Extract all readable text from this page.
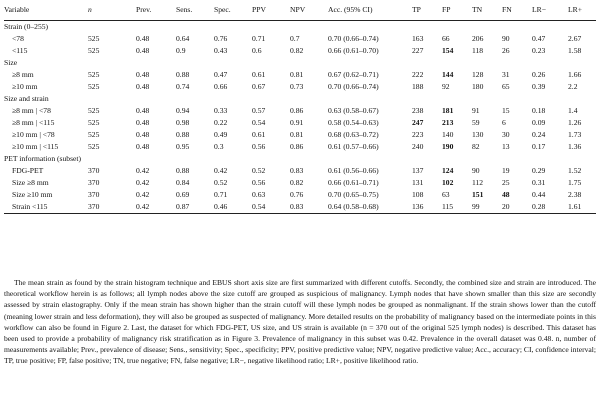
Variable	n	Prev.	Sens.	Spec.	PPV	NPV	Acc. (95% CI)	TP	FP	TN	FN	LR−	LR+
Strain (0–255)													
<78	525	0.48	0.64	0.76	0.71	0.7	0.70 (0.66–0.74)	163	66	206	90	0.47	2.67
<115	525	0.48	0.9	0.43	0.6	0.82	0.66 (0.61–0.70)	227	154	118	26	0.23	1.58
Size													
≥8 mm	525	0.48	0.88	0.47	0.61	0.81	0.67 (0.62–0.71)	222	144	128	31	0.26	1.66
≥10 mm	525	0.48	0.74	0.66	0.67	0.73	0.70 (0.66–0.74)	188	92	180	65	0.39	2.2
Size and strain													
≥8 mm | <78	525	0.48	0.94	0.33	0.57	0.86	0.63 (0.58–0.67)	238	181	91	15	0.18	1.4
≥8 mm | <115	525	0.48	0.98	0.22	0.54	0.91	0.58 (0.54–0.63)	247	213	59	6	0.09	1.26
≥10 mm | <78	525	0.48	0.88	0.49	0.61	0.81	0.68 (0.63–0.72)	223	140	130	30	0.24	1.73
≥10 mm | <115	525	0.48	0.95	0.3	0.56	0.86	0.61 (0.57–0.66)	240	190	82	13	0.17	1.36
PET information (subset)													
FDG-PET	370	0.42	0.88	0.42	0.52	0.83	0.61 (0.56–0.66)	137	124	90	19	0.29	1.52
Size ≥8 mm	370	0.42	0.84	0.52	0.56	0.82	0.66 (0.61–0.71)	131	102	112	25	0.31	1.75
Size ≥10 mm	370	0.42	0.69	0.71	0.63	0.76	0.70 (0.65–0.75)	108	63	151	48	0.44	2.38
Strain <115	370	0.42	0.87	0.46	0.54	0.83	0.64 (0.58–0.68)	136	115	99	20	0.28	1.61
The mean strain as found by the strain histogram technique and EBUS short axis size are first summarized with different cutoffs. Secondly, the combined size and strain are introduced. The theoretical workflow herein is as follows; all lymph nodes above the size cutoff are grouped as suspicious of malignancy. Lymph nodes that have shown smaller than this size are secondly assessed by strain elastography. Only if the mean strain has shown higher than the strain cutoff will these lymph nodes be grouped as nonmalignant. If the strain shows lower than the cutoff (meaning lower strain and less deformation), they will also be grouped as suspected of malignancy. More detailed results on the probability of malignancy based on the intermediate points in this workflow can also be found in Figure 2. Last, the dataset for which FDG-PET, US size, and US strain is available (n = 370 out of the original 525 lymph nodes) is described. This dataset has been used to provide a probability of malignancy risk stratification as in Figure 3. Prevalence of malignancy in this subset was 0.42. Prevalence in the overall dataset was 0.48. n, number of measurements available; Prev., prevalence of disease; Sens., sensitivity; Spec., specificity; PPV, positive predictive value; NPV, negative predictive value; Acc., accuracy; CI, confidence interval; TP, true positive; FP, false positive; TN, true negative; FN, false negative; LR−, negative likelihood ratio; LR+, positive likelihood ratio.
